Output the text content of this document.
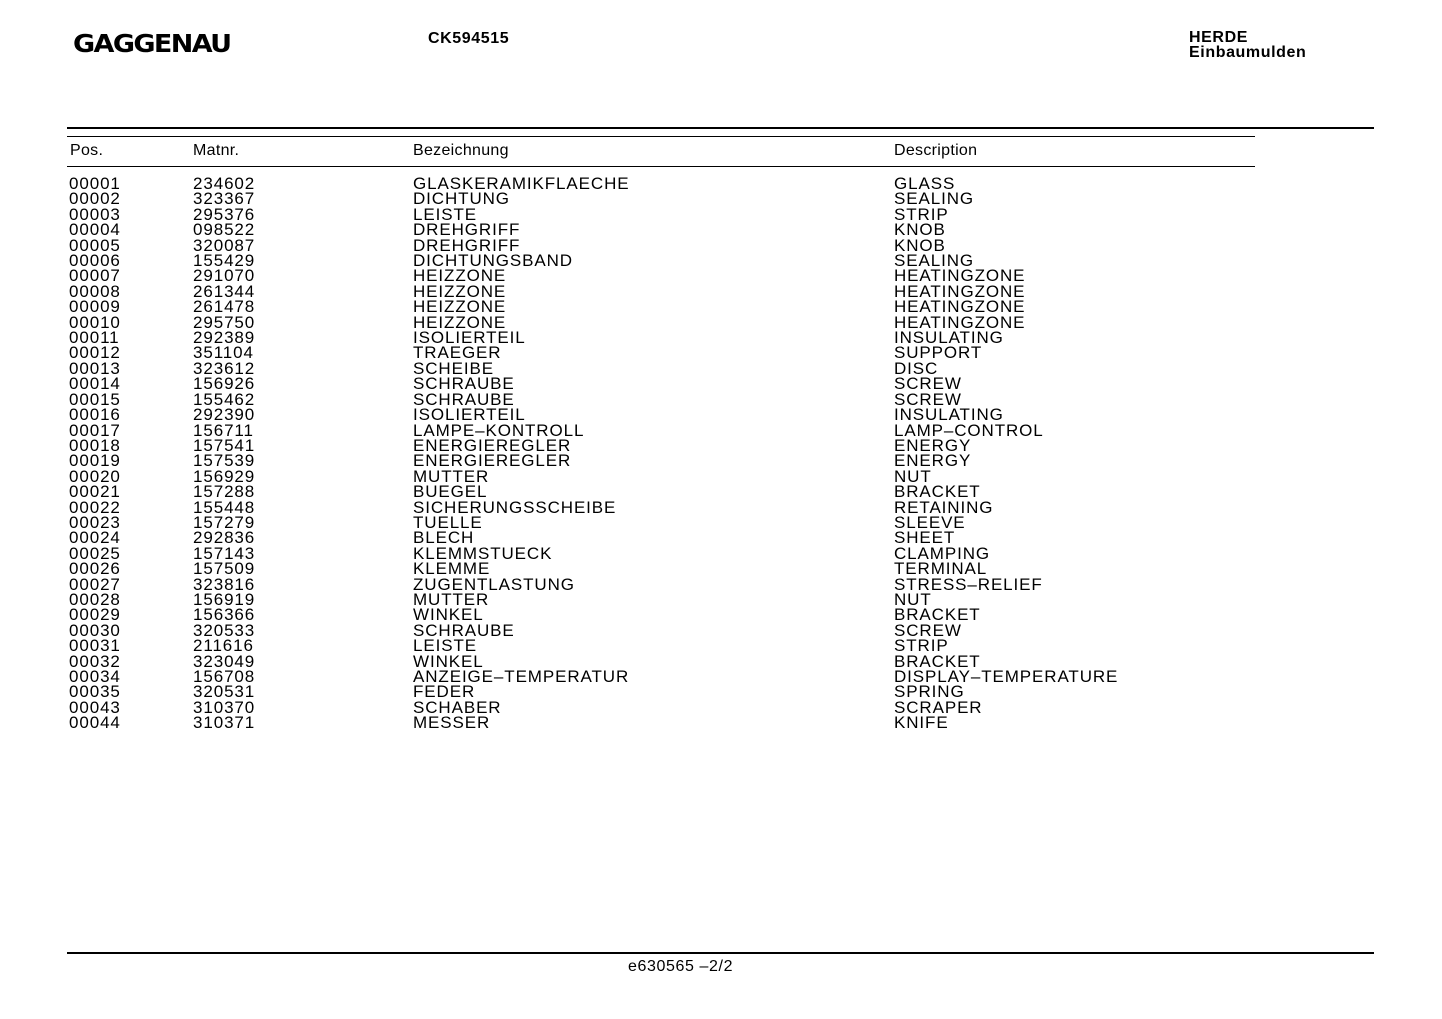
GAGGENAU	CK594515	HERDE
Einbaumulden
Pos.	Matnr.	Bezeichnung	Description
00001	234602	GLASKERAMIKFLAECHE	GLASS
00002	323367	DICHTUNG	SEALING
00003	295376	LEISTE	STRIP
00004	098522	DREHGRIFF	KNOB
00005	320087	DREHGRIFF	KNOB
00006	155429	DICHTUNGSBAND	SEALING
00007	291070	HEIZZONE	HEATINGZONE
00008	261344	HEIZZONE	HEATINGZONE
00009	261478	HEIZZONE	HEATINGZONE
00010	295750	HEIZZONE	HEATINGZONE
00011	292389	ISOLIERTEIL	INSULATING
00012	351104	TRAEGER	SUPPORT
00013	323612	SCHEIBE	DISC
00014	156926	SCHRAUBE	SCREW
00015	155462	SCHRAUBE	SCREW
00016	292390	ISOLIERTEIL	INSULATING
00017	156711	LAMPE–KONTROLL	LAMP–CONTROL
00018	157541	ENERGIEREGLER	ENERGY
00019	157539	ENERGIEREGLER	ENERGY
00020	156929	MUTTER	NUT
00021	157288	BUEGEL	BRACKET
00022	155448	SICHERUNGSSCHEIBE	RETAINING
00023	157279	TUELLE	SLEEVE
00024	292836	BLECH	SHEET
00025	157143	KLEMMSTUECK	CLAMPING
00026	157509	KLEMME	TERMINAL
00027	323816	ZUGENTLASTUNG	STRESS–RELIEF
00028	156919	MUTTER	NUT
00029	156366	WINKEL	BRACKET
00030	320533	SCHRAUBE	SCREW
00031	211616	LEISTE	STRIP
00032	323049	WINKEL	BRACKET
00034	156708	ANZEIGE–TEMPERATUR	DISPLAY–TEMPERATURE
00035	320531	FEDER	SPRING
00043	310370	SCHABER	SCRAPER
00044	310371	MESSER	KNIFE
e630565 –2/2
